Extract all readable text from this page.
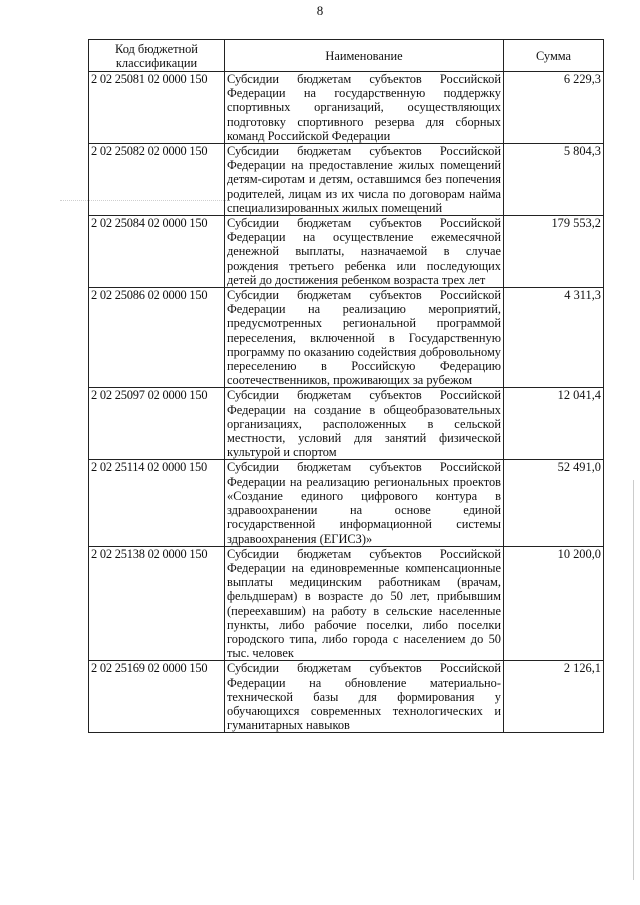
8
Код бюджетной классификации	Наименование	Сумма
2 02 25081 02 0000 150	Субсидии бюджетам субъектов Российской Федерации на государственную поддержку спортивных организаций, осуществляющих подготовку спортивного резерва для сборных команд Российской Федерации	6 229,3
2 02 25082 02 0000 150	Субсидии бюджетам субъектов Российской Федерации на предоставление жилых помещений детям-сиротам и детям, оставшимся без попечения родителей, лицам из их числа по договорам найма специализированных жилых помещений	5 804,3
2 02 25084 02 0000 150	Субсидии бюджетам субъектов Российской Федерации на осуществление ежемесячной денежной выплаты, назначаемой в случае рождения третьего ребенка или последующих детей до достижения ребенком возраста трех лет	179 553,2
2 02 25086 02 0000 150	Субсидии бюджетам субъектов Российской Федерации на реализацию мероприятий, предусмотренных региональной программой переселения, включенной в Государственную программу по оказанию содействия добровольному переселению в Российскую Федерацию соотечественников, проживающих за рубежом	4 311,3
2 02 25097 02 0000 150	Субсидии бюджетам субъектов Российской Федерации на создание в общеобразовательных организациях, расположенных в сельской местности, условий для занятий физической культурой и спортом	12 041,4
2 02 25114 02 0000 150	Субсидии бюджетам субъектов Российской Федерации на реализацию региональных проектов «Создание единого цифрового контура в здравоохранении на основе единой государственной информационной системы здравоохранения (ЕГИСЗ)»	52 491,0
2 02 25138 02 0000 150	Субсидии бюджетам субъектов Российской Федерации на единовременные компенсационные выплаты медицинским работникам (врачам, фельдшерам) в возрасте до 50 лет, прибывшим (переехавшим) на работу в сельские населенные пункты, либо рабочие поселки, либо поселки городского типа, либо города с населением до 50 тыс. человек	10 200,0
2 02 25169 02 0000 150	Субсидии бюджетам субъектов Российской Федерации на обновление материально-технической базы для формирования у обучающихся современных технологических и гуманитарных навыков	2 126,1
